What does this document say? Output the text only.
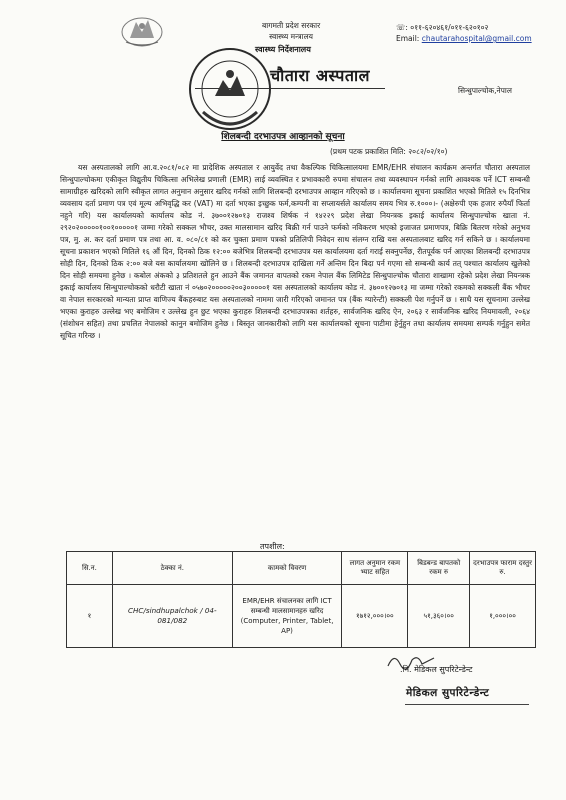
बागमती प्रदेश सरकार
स्वास्थ्य मन्त्रालय
स्वास्थ्य निर्देशनालय
☏: ०११-६२०४६१/०११-६२०१०२
Email: chautarahospital@gmail.com
चौतारा अस्पताल
सिन्धुपाल्चोक,नेपाल
शिलबन्दी दरभाउपत्र आव्हानको सूचना
(प्रथम पटक प्रकाशित मिति: २०८२/०२/१०)
यस अस्पतालको लागि आ.व.२०८१/०८२ मा प्रादेशिक अस्पताल र आयुर्वेद तथा वैकल्पिक चिकित्सालयमा EMR/EHR संचालन कार्यक्रम अन्तर्गत चौतारा अस्पताल सिन्धुपाल्चोकमा एकीकृत विद्युतीय चिकित्सा अभिलेख प्रणाली (EMR) लाई व्यवस्थित र प्रभावकारी रुपमा संचालन तथा व्यवस्थापन गर्नको लागि आवश्यक पर्ने ICT सम्बन्धी सामाग्रीहरु खरिदको लागि स्वीकृत लागत अनुमान अनुसार खरिद गर्नको लागि शिलबन्दी दरभाउपत्र आव्हान गरिएको छ । कार्यालयमा सूचना प्रकाशित भएको मितिले १५ दिनभित्र व्यवसाय दर्ता प्रमाण पत्र एवं मूल्य अभिवृद्धि कर (VAT) मा दर्ता भएका इच्छुक फर्म,कम्पनी वा सप्लायर्सले कार्यालय समय भित्र रु.१०००।- (अक्षेरुपी एक हजार रुपैयाँ फिर्ता नहुने गरि) यस कार्यालयको कार्यालय कोड नं. ३७००१२७०१३ राजश्व शिर्षक नं १४२२९ प्रदेश लेखा नियन्त्रक इकाई कार्यालय सिन्धुपाल्चोक खाता नं. २९२०२०००००१००१०००००१ जम्मा गरेको सक्कल भौचर, उक्त मालसामान खरिद बिक्री गर्न पाउने फर्मको नविकरण भएको इजाजत प्रमाणपत्र, बिक्रि बितरण गरेको अनुभव पत्र, मु. अ. कर दर्ता प्रमाण पत्र तथा आ. व. ०८०/८१ को कर चुक्ता प्रमाण पत्रको प्रतिलिपी निवेदन साथ संलग्न राखि यस अस्पतालबाट खरिद गर्न सकिने छ । कार्यालयमा सूचना प्रकाशन भएको मितिले १६ औं दिन, दिनको ठिक १२:०० बजेभित्र शिलबन्दी दरभाउपत्र यस कार्यालयमा दर्ता गराई सक्नुपर्नेछ, रीतपूर्वक पर्न आएका शिलबन्दी दरभाउपत्र सोही दिन, दिनको ठिक २:०० बजे यस कार्यालयमा खोलिने छ । शिलबन्दी दरभाउपत्र दाखिला गर्ने अन्तिम दिन बिदा पर्न गएमा सो सम्बन्धी कार्य तत् पश्चात कार्यालय खुलेको दिन सोही समयमा हुनेछ । कबोल अंकको ३ प्रतिशतले हुन आउने बैंक जमानत वापतको रकम नेपाल बैंक लिमिटेड सिन्धुपाल्चोक चौतारा शाखामा रहेको प्रदेश लेखा नियन्त्रक इकाई कार्यालय सिन्धुपाल्चोकको धरौटी खाता नं ०५७०२०००००२००३०००००१ यस अस्पतालको कार्यालय कोड नं. ३७००१२७०१३ मा जम्मा गरेको रकमको सक्कली बैंक भौचर वा नेपाल सरकारको मान्यता प्राप्त वाणिज्य बैंकहरुबाट यस अस्पतालको नाममा जारी गरिएको जमानत पत्र (बैंक ग्यारेन्टी) सक्कली पेश गर्नुपर्ने छ । साथै यस सूचनामा उल्लेख भएका कुराहरु उल्लेख भए बमोजिम र उल्लेख हुन छुट भएका कुराहरु शिलबन्दी दरभाउपत्रका शर्तहरु, सार्वजनिक खरिद ऐन, २०६३ र सार्वजनिक खरिद नियमावली, २०६४ (संशोधन सहित) तथा प्रचलित नेपालको कानुन बमोजिम हुनेछ । बिस्तृत जानकारीको लागि यस कार्यालयको सूचना पाटीमा हेर्नुहुन तथा कार्यालय समयमा सम्पर्क गर्नुहुन समेत सूचित गरिन्छ ।
तपशील:
सि.न.	ठेक्का नं.	कामको विवरण	लागत अनुमान रकम भ्याट सहित	बिडबन्ड बापतको रकम रु	दरभाउपत्र फाराम दस्तुर रु.
१	CHC/sindhupalchok / 04-081/082	EMR/EHR संचालनका लागि ICT सम्बन्धी मालसामानहरु खरिद (Computer, Printer, Tablet, AP)	१७१२,०००।००	५१,३६०।००	१,०००।००
.नि. मेडिकल सुपरिटेन्डेन्ट
मेडिकल सुपरिटेन्डेन्ट
